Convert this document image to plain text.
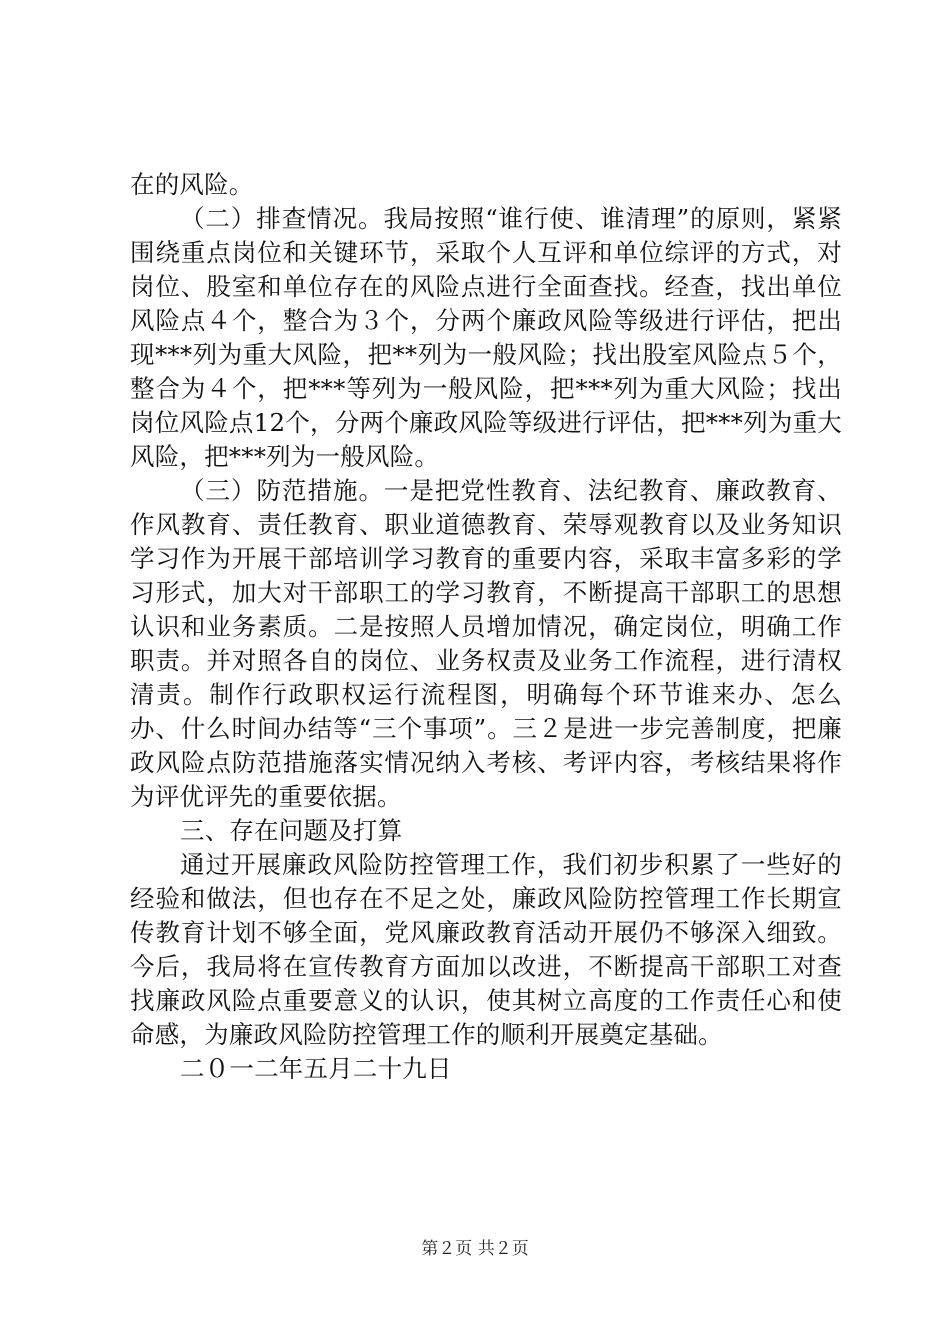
在的风险。

（二）排查情况。我局按照“谁行使、谁清理”的原则，紧紧围绕重点岗位和关键环节，采取个人互评和单位综评的方式，对岗位、股室和单位存在的风险点进行全面查找。经查，找出单位风险点４个，整合为３个，分两个廉政风险等级进行评估，把出现***列为重大风险，把**列为一般风险；找出股室风险点５个，整合为４个，把***等列为一般风险，把***列为重大风险；找出岗位风险点12个，分两个廉政风险等级进行评估，把***列为重大风险，把***列为一般风险。

（三）防范措施。一是把党性教育、法纪教育、廉政教育、作风教育、责任教育、职业道德教育、荣辱观教育以及业务知识学习作为开展干部培训学习教育的重要内容，采取丰富多彩的学习形式，加大对干部职工的学习教育，不断提高干部职工的思想认识和业务素质。二是按照人员增加情况，确定岗位，明确工作职责。并对照各自的岗位、业务权责及业务工作流程，进行清权清责。制作行政职权运行流程图，明确每个环节谁来办、怎么办、什么时间办结等“三个事项”。三２是进一步完善制度，把廉政风险点防范措施落实情况纳入考核、考评内容，考核结果将作为评优评先的重要依据。

三、存在问题及打算

通过开展廉政风险防控管理工作，我们初步积累了一些好的经验和做法，但也存在不足之处，廉政风险防控管理工作长期宣传教育计划不够全面，党风廉政教育活动开展仍不够深入细致。今后，我局将在宣传教育方面加以改进，不断提高干部职工对查找廉政风险点重要意义的认识，使其树立高度的工作责任心和使命感，为廉政风险防控管理工作的顺利开展奠定基础。

二０一二年五月二十九日

第２页 共２页
